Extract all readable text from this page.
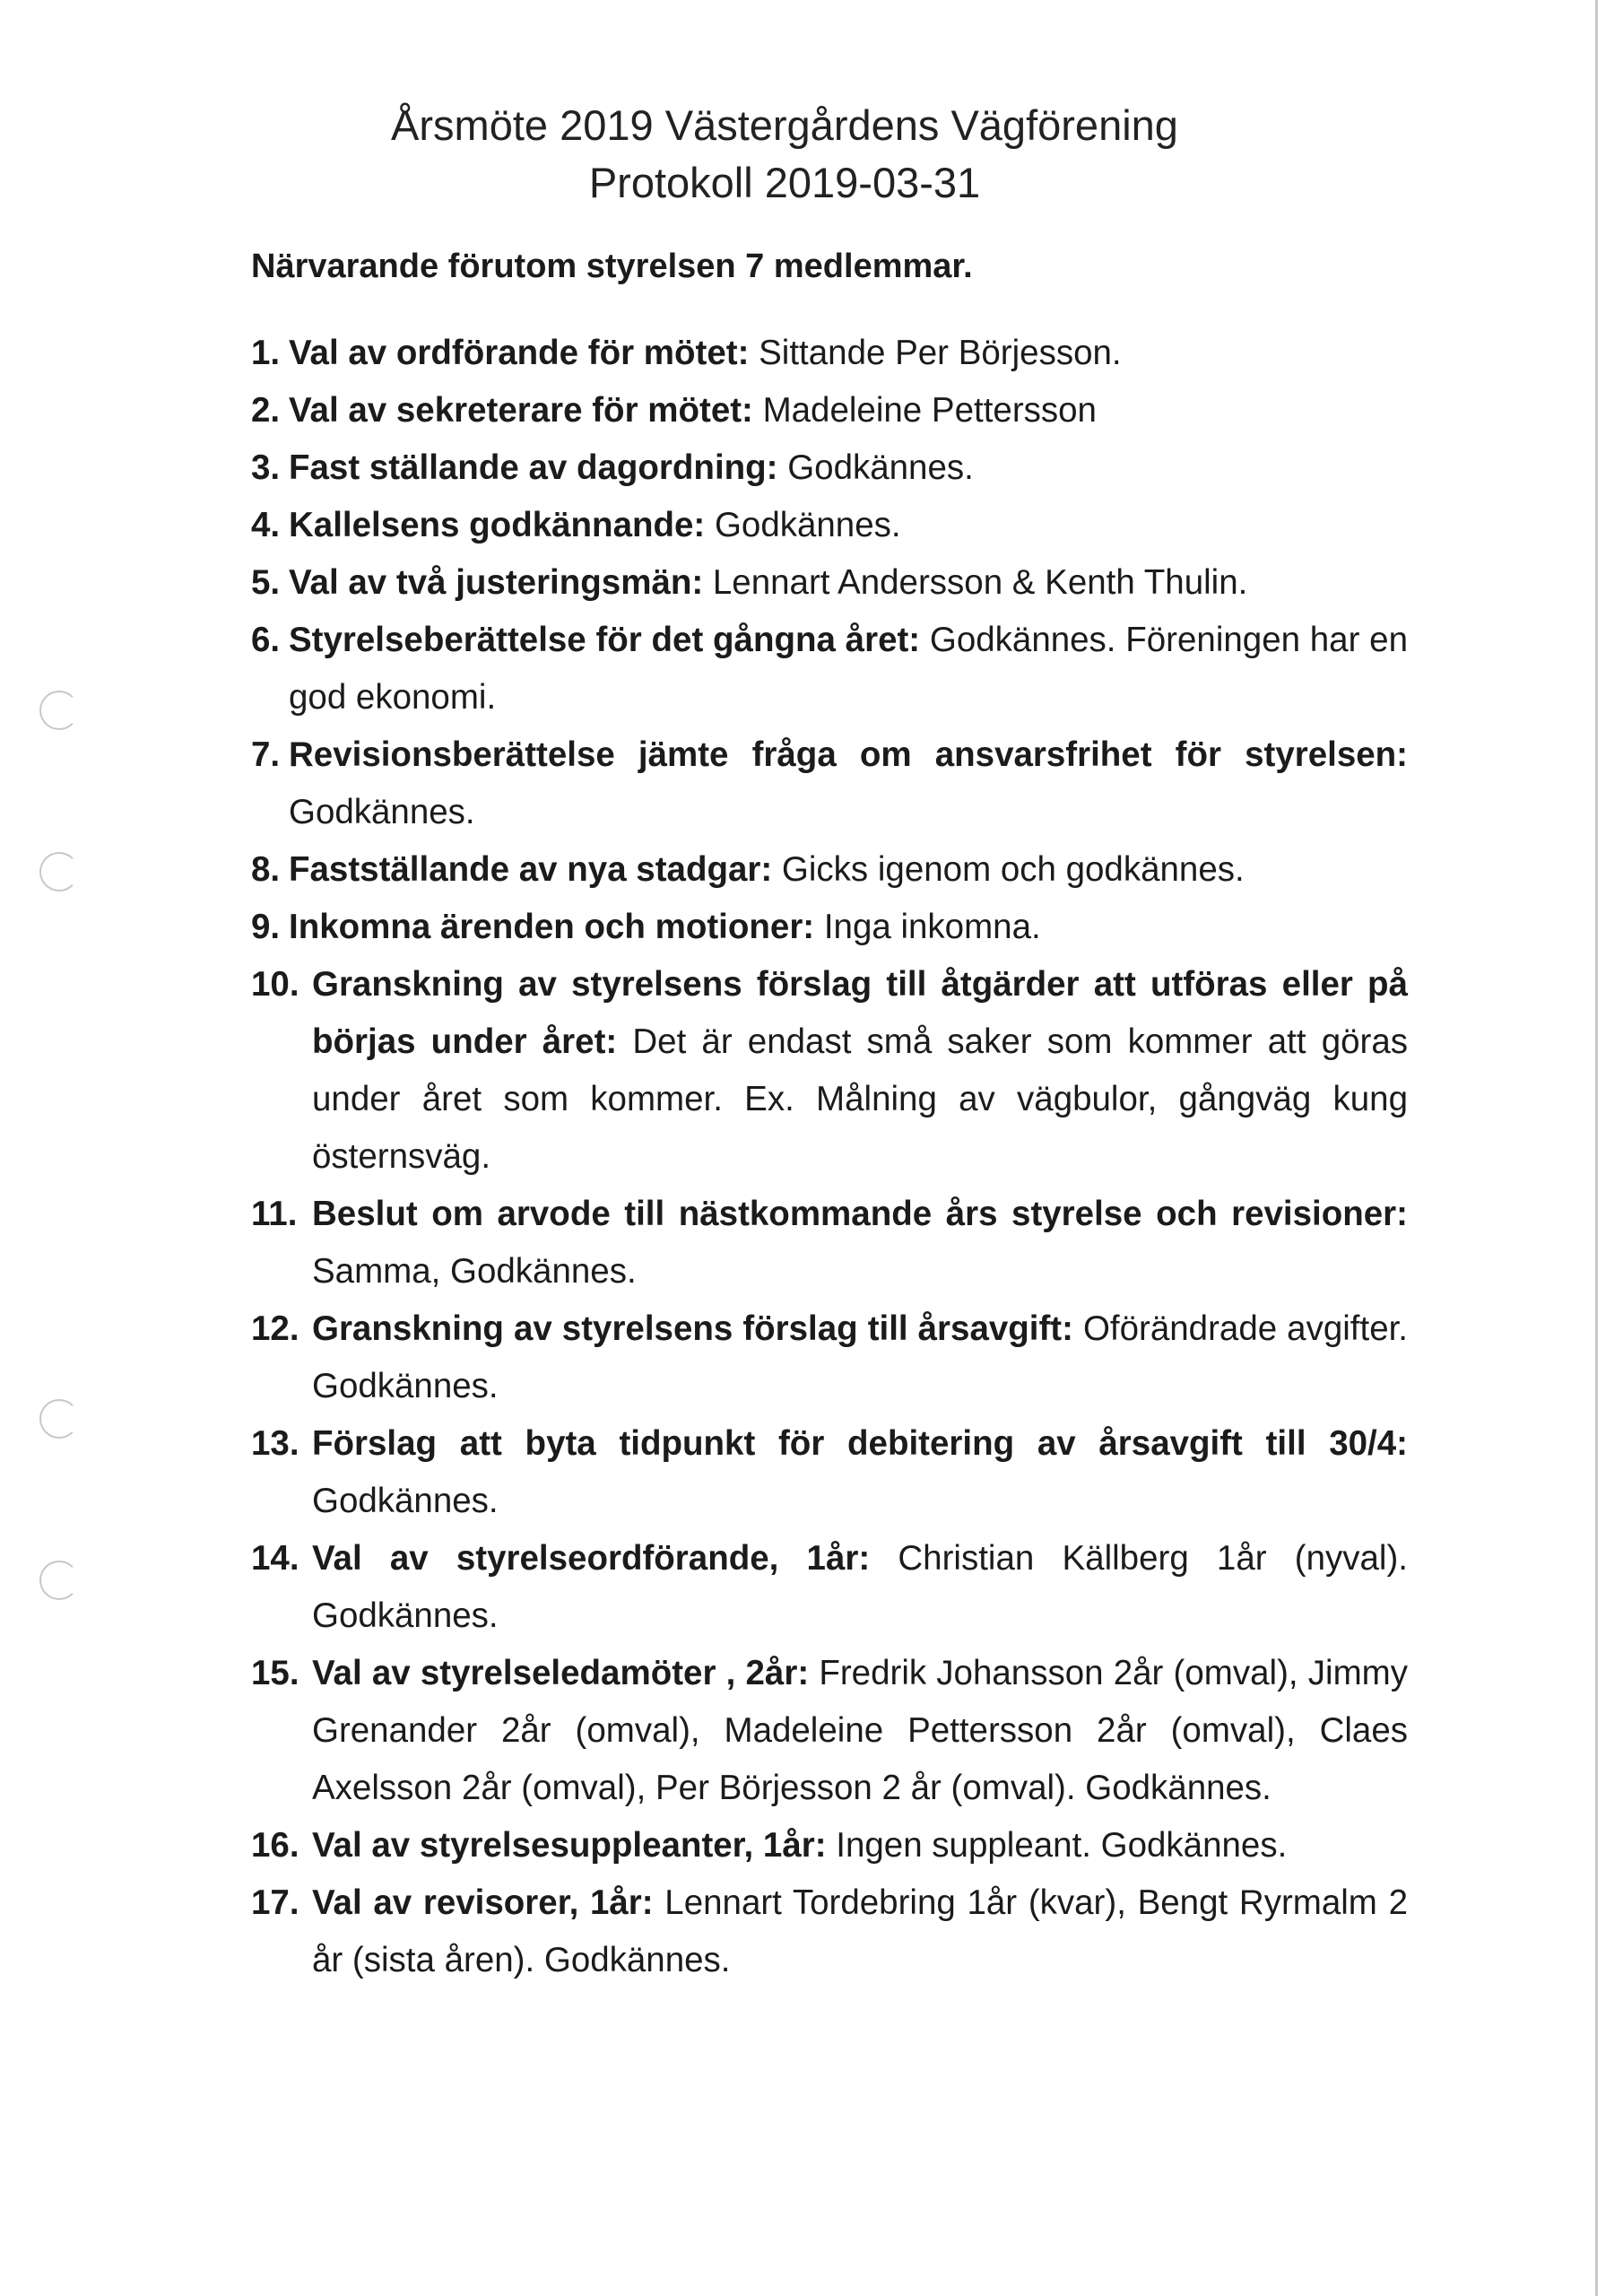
Årsmöte 2019 Västergårdens Vägförening
Protokoll 2019-03-31
Närvarande förutom styrelsen 7 medlemmar.
1. Val av ordförande för mötet: Sittande Per Börjesson.
2. Val av sekreterare för mötet: Madeleine Pettersson
3. Fast ställande av dagordning: Godkännes.
4. Kallelsens godkännande: Godkännes.
5. Val av två justeringsmän: Lennart Andersson & Kenth Thulin.
6. Styrelseberättelse för det gångna året: Godkännes. Föreningen har en god ekonomi.
7. Revisionsberättelse jämte fråga om ansvarsfrihet för styrelsen: Godkännes.
8. Fastställande av nya stadgar: Gicks igenom och godkännes.
9. Inkomna ärenden och motioner: Inga inkomna.
10. Granskning av styrelsens förslag till åtgärder att utföras eller på börjas under året: Det är endast små saker som kommer att göras under året som kommer. Ex. Målning av vägbulor, gångväg kung östernsväg.
11. Beslut om arvode till nästkommande års styrelse och revisioner: Samma, Godkännes.
12. Granskning av styrelsens förslag till årsavgift: Oförändrade avgifter. Godkännes.
13. Förslag att byta tidpunkt för debitering av årsavgift till 30/4: Godkännes.
14. Val av styrelseordförande, 1år: Christian Källberg 1år (nyval). Godkännes.
15. Val av styrelseledamöter , 2år: Fredrik Johansson 2år (omval), Jimmy Grenander 2år (omval), Madeleine Pettersson 2år (omval), Claes Axelsson 2år (omval), Per Börjesson 2 år (omval). Godkännes.
16. Val av styrelsesuppleanter, 1år: Ingen suppleant. Godkännes.
17. Val av revisorer, 1år: Lennart Tordebring 1år (kvar), Bengt Ryrmalm 2 år (sista åren). Godkännes.
